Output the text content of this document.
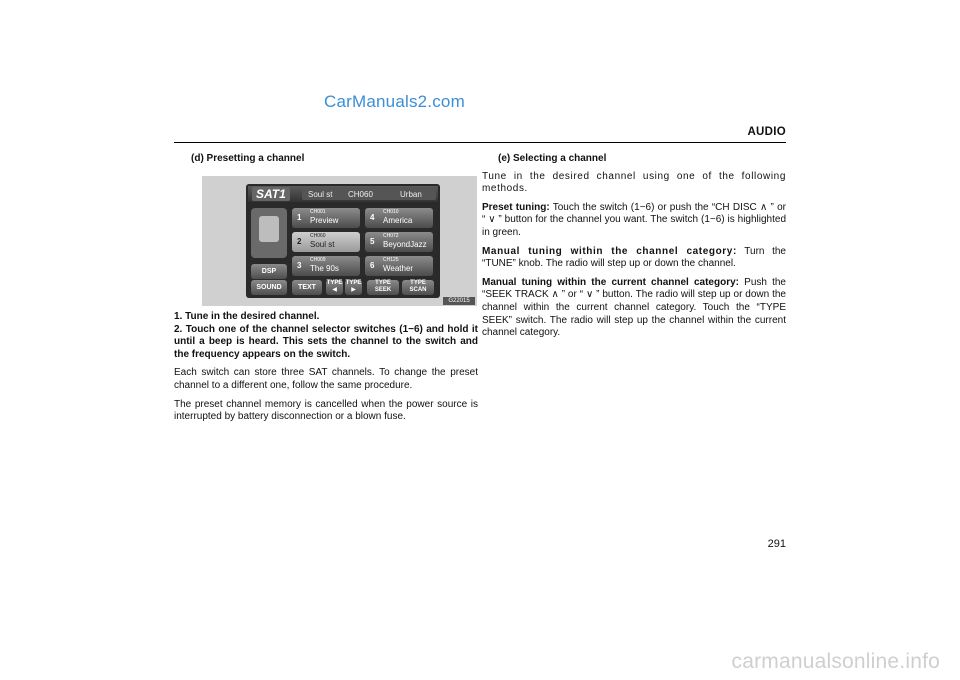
CarManuals2.com
AUDIO
(d) Presetting a channel
SAT1	Soul st CH060	Urban
DSP
SOUND
1
CH001
Preview
2
CH060
Soul st
3
CH009
The 90s
4
CH010
America
5
CH072
BeyondJazz
6
CH125
Weather
TEXT
TYPE ◀
TYPE ▶
TYPE SEEK
TYPE SCAN
G22015

1. Tune in the desired channel.

2. Touch one of the channel selector switches (1−6) and hold it until a beep is heard. This sets the channel to the switch and the frequency appears on the switch.

Each switch can store three SAT channels. To change the preset channel to a different one, follow the same procedure.

The preset channel memory is cancelled when the power source is interrupted by battery disconnection or a blown fuse.

(e) Selecting a channel

Tune in the desired channel using one of the following methods.

Preset tuning: Touch the switch (1−6) or push the “CH DISC ∧ ” or “ ∨ ” button for the channel you want. The switch (1−6) is highlighted in green.

Manual tuning within the channel category: Turn the “TUNE” knob. The radio will step up or down the channel.

Manual tuning within the current channel category: Push the “SEEK TRACK ∧ ” or “ ∨ ” button. The radio will step up or down the channel within the current channel category. Touch the “TYPE SEEK” switch. The radio will step up the channel within the current channel category.

291
carmanualsonline.info
